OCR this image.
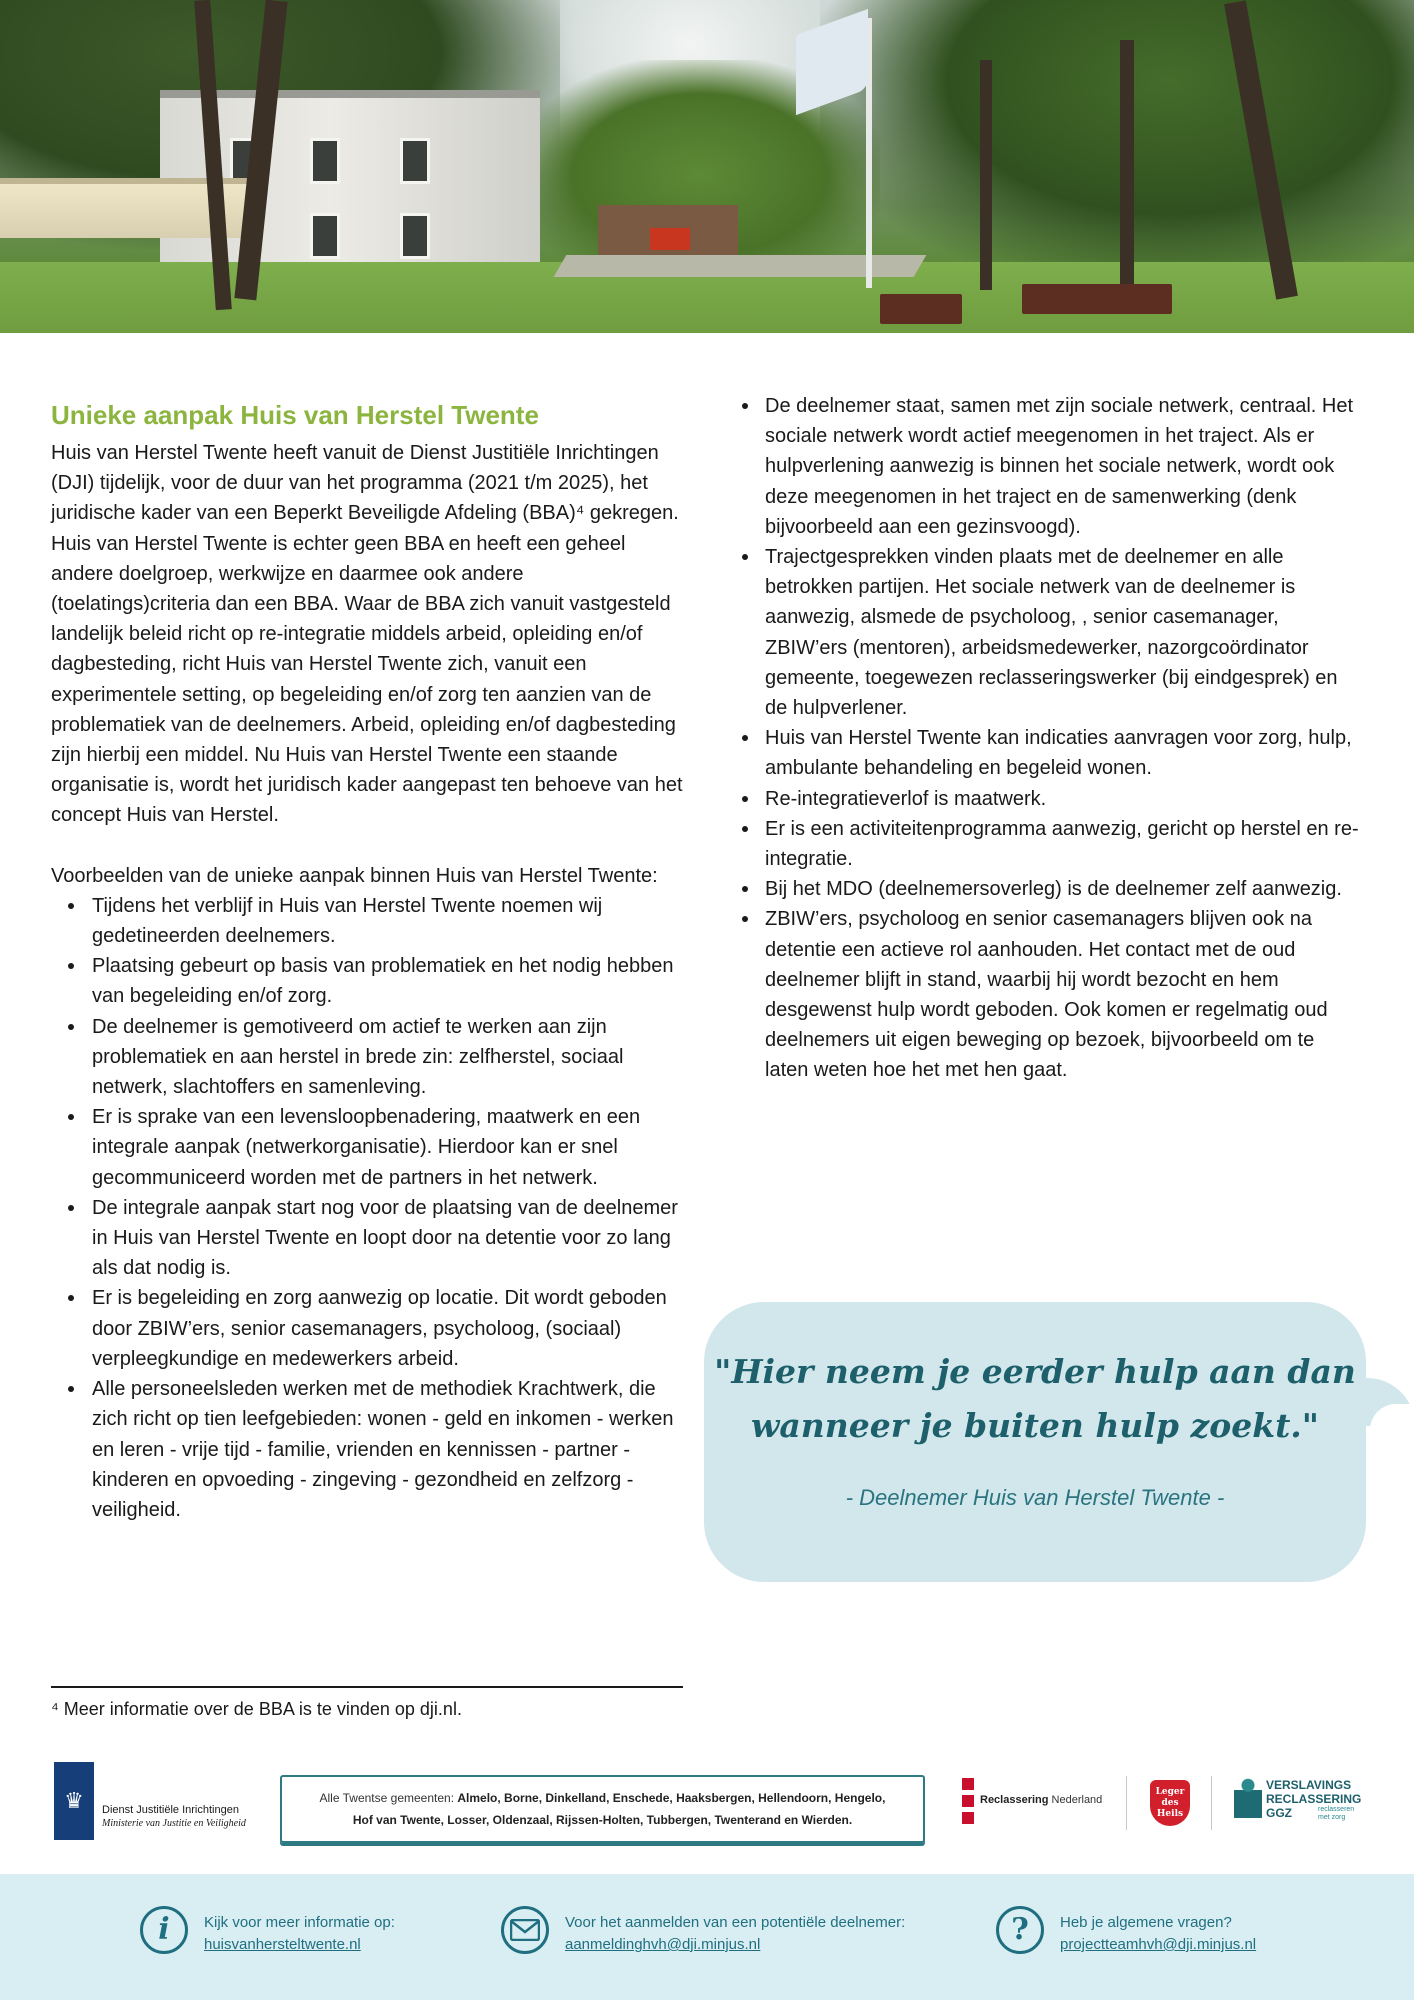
Unieke aanpak Huis van Herstel Twente

Huis van Herstel Twente heeft vanuit de Dienst Justitiële Inrichtingen (DJI) tijdelijk, voor de duur van het programma (2021 t/m 2025), het juridische kader van een Beperkt Beveiligde Afdeling (BBA)⁴ gekregen. Huis van Herstel Twente is echter geen BBA en heeft een geheel andere doelgroep, werkwijze en daarmee ook andere (toelatings)criteria dan een BBA. Waar de BBA zich vanuit vastgesteld landelijk beleid richt op re-integratie middels arbeid, opleiding en/of dagbesteding, richt Huis van Herstel Twente zich, vanuit een experimentele setting, op begeleiding en/of zorg ten aanzien van de problematiek van de deelnemers. Arbeid, opleiding en/of dagbesteding zijn hierbij een middel. Nu Huis van Herstel Twente een staande organisatie is, wordt het juridisch kader aangepast ten behoeve van het concept Huis van Herstel.

Voorbeelden van de unieke aanpak binnen Huis van Herstel Twente:

Tijdens het verblijf in Huis van Herstel Twente noemen wij gedetineerden deelnemers.
Plaatsing gebeurt op basis van problematiek en het nodig hebben van begeleiding en/of zorg.
De deelnemer is gemotiveerd om actief te werken aan zijn problematiek en aan herstel in brede zin: zelfherstel, sociaal netwerk, slachtoffers en samenleving.
Er is sprake van een levensloopbenadering, maatwerk en een integrale aanpak (netwerkorganisatie). Hierdoor kan er snel gecommuniceerd worden met de partners in het netwerk.
De integrale aanpak start nog voor de plaatsing van de deelnemer in Huis van Herstel Twente en loopt door na detentie voor zo lang als dat nodig is.
Er is begeleiding en zorg aanwezig op locatie. Dit wordt geboden door ZBIW’ers, senior casemanagers, psycholoog, (sociaal) verpleegkundige en medewerkers arbeid.
Alle personeelsleden werken met de methodiek Krachtwerk, die zich richt op tien leefgebieden: wonen - geld en inkomen - werken en leren - vrije tijd - familie, vrienden en kennissen - partner - kinderen en opvoeding - zingeving - gezondheid en zelfzorg - veiligheid.
De deelnemer staat, samen met zijn sociale netwerk, centraal. Het sociale netwerk wordt actief meegenomen in het traject. Als er hulpverlening aanwezig is binnen het sociale netwerk, wordt ook deze meegenomen in het traject en de samenwerking (denk bijvoorbeeld aan een gezinsvoogd).
Trajectgesprekken vinden plaats met de deelnemer en alle betrokken partijen. Het sociale netwerk van de deelnemer is aanwezig, alsmede de psycholoog, , senior casemanager, ZBIW’ers (mentoren), arbeidsmedewerker, nazorgcoördinator gemeente, toegewezen reclasseringswerker (bij eindgesprek) en de hulpverlener.
Huis van Herstel Twente kan indicaties aanvragen voor zorg, hulp, ambulante behandeling en begeleid wonen.
Re-integratieverlof is maatwerk.
Er is een activiteitenprogramma aanwezig, gericht op herstel en re-integratie.
Bij het MDO (deelnemersoverleg) is de deelnemer zelf aanwezig.
ZBIW’ers, psycholoog en senior casemanagers blijven ook na detentie een actieve rol aanhouden. Het contact met de oud deelnemer blijft in stand, waarbij hij wordt bezocht en hem desgewenst hulp wordt geboden. Ook komen er regelmatig oud deelnemers uit eigen beweging op bezoek, bijvoorbeeld om te laten weten hoe het met hen gaat.
"Hier neem je eerder hulp aan dan
wanneer je buiten hulp zoekt."
- Deelnemer Huis van Herstel Twente -
⁴ Meer informatie over de BBA is te vinden op dji.nl.
♛	Dienst Justitiële Inrichtingen
Ministerie van Justitie en Veiligheid
Alle Twentse gemeenten: Almelo, Borne, Dinkelland, Enschede, Haaksbergen, Hellendoorn, Hengelo,
Hof van Twente, Losser, Oldenzaal, Rijssen-Holten, Tubbergen, Twenterand en Wierden.
Reclassering Nederland
Leger
des
Heils
VERSLAVINGS
RECLASSERING
GGZ	reclasseren
met zorg
i	Kijk voor meer informatie op:
huisvanhersteltwente.nl
Voor het aanmelden van een potentiële deelnemer:
aanmeldinghvh@dji.minjus.nl	?	Heb je algemene vragen?
projectteamhvh@dji.minjus.nl
